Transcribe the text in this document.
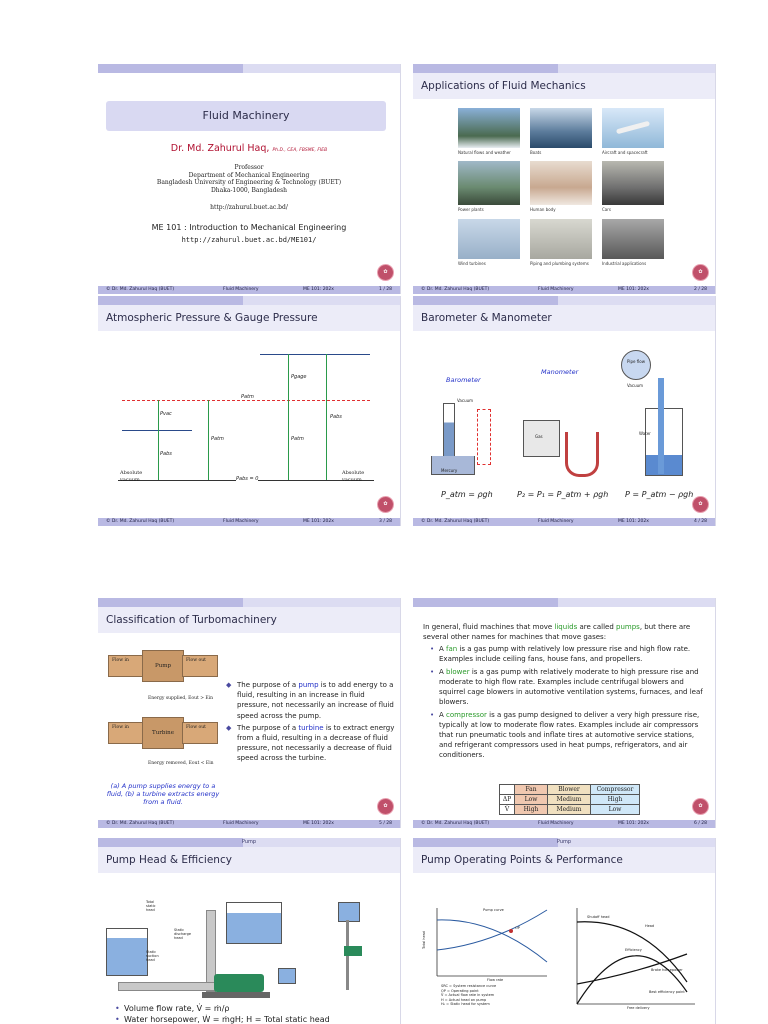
Fluid Machinery
Dr. Md. Zahurul Haq, Ph.D., CEA, FBSME, FIEB
Professor
Department of Mechanical Engineering
Bangladesh University of Engineering & Technology (BUET)
Dhaka-1000, Bangladesh
http://zahurul.buet.ac.bd/
ME 101 : Introduction to Mechanical Engineering
http://zahurul.buet.ac.bd/ME101/
✿
© Dr. Md. Zahurul Haq (BUET)	Fluid Machinery	ME 101: 202x	1 / 28
Applications of Fluid Mechanics
Natural flows and weather	Boats	Aircraft and spacecraft
Power plants	Human body	Cars
Wind turbines	Piping and plumbing systems	Industrial applications
✿
© Dr. Md. Zahurul Haq (BUET)	Fluid Machinery	ME 101: 202x	2 / 28
Atmospheric Pressure & Gauge Pressure
Pgage
Patm
Pvac
Pabs
Patm	Patm
Pabs
Pabs = 0
Absolute vacuum
Absolute vacuum
✿
© Dr. Md. Zahurul Haq (BUET)	Fluid Machinery	ME 101: 202x	3 / 28
Barometer & Manometer
Barometer
Manometer
Mercury
Vacuum
Gas
Pipe flow
Vacuum
Water
P_atm = ρgh	P₂ = P₁ = P_atm + ρgh P = P_atm − ρgh
✿
© Dr. Md. Zahurul Haq (BUET)	Fluid Machinery	ME 101: 202x	4 / 28
Classification of Turbomachinery
Pump
Flow in	Flow out
Energy supplied, Eout > Ein
Turbine
Flow in	Flow out
Energy removed, Eout < Ein
(a) A pump supplies energy to a fluid, (b) a turbine extracts energy from a fluid.
◆ The purpose of a pump is to add energy to a fluid, resulting in an increase in fluid pressure, not necessarily an increase of fluid speed across the pump.
◆ The purpose of a turbine is to extract energy from a fluid, resulting in a decrease of fluid pressure, not necessarily a decrease of fluid speed across the turbine.
✿
© Dr. Md. Zahurul Haq (BUET)	Fluid Machinery	ME 101: 202x	5 / 28
In general, fluid machines that move liquids are called pumps, but there are several other names for machines that move gases:
• A fan is a gas pump with relatively low pressure rise and high flow rate. Examples include ceiling fans, house fans, and propellers.
• A blower is a gas pump with relatively moderate to high pressure rise and moderate to high flow rate. Examples include centrifugal blowers and squirrel cage blowers in automotive ventilation systems, furnaces, and leaf blowers.
• A compressor is a gas pump designed to deliver a very high pressure rise, typically at low to moderate flow rates. Examples include air compressors that run pneumatic tools and inflate tires at automotive service stations, and refrigerant compressors used in heat pumps, refrigerators, and air conditioners.
	Fan	Blower	Compressor
ΔP	Low	Medium	High
V̇	High	Medium	Low	✿
© Dr. Md. Zahurul Haq (BUET)	Fluid Machinery	ME 101: 202x	6 / 28
Pump
Pump Head & Efficiency
Total static head
Static discharge head
Static suction head
• Volume flow rate, V̇ = ṁ/ρ
• Water horsepower, Ẇ = ṁgH; H = Total static head
Pump
Pump Operating Points & Performance
Pump curve
OP
Total head
Flow rate
SRC = System resistance curve
OP = Operating point
Ṽ = Actual flow rate in system
H = Actual head on pump
H₀ = Static head for system
Shutoff head
Head
Efficiency
Brake horsepower
Best efficiency point
Free delivery
